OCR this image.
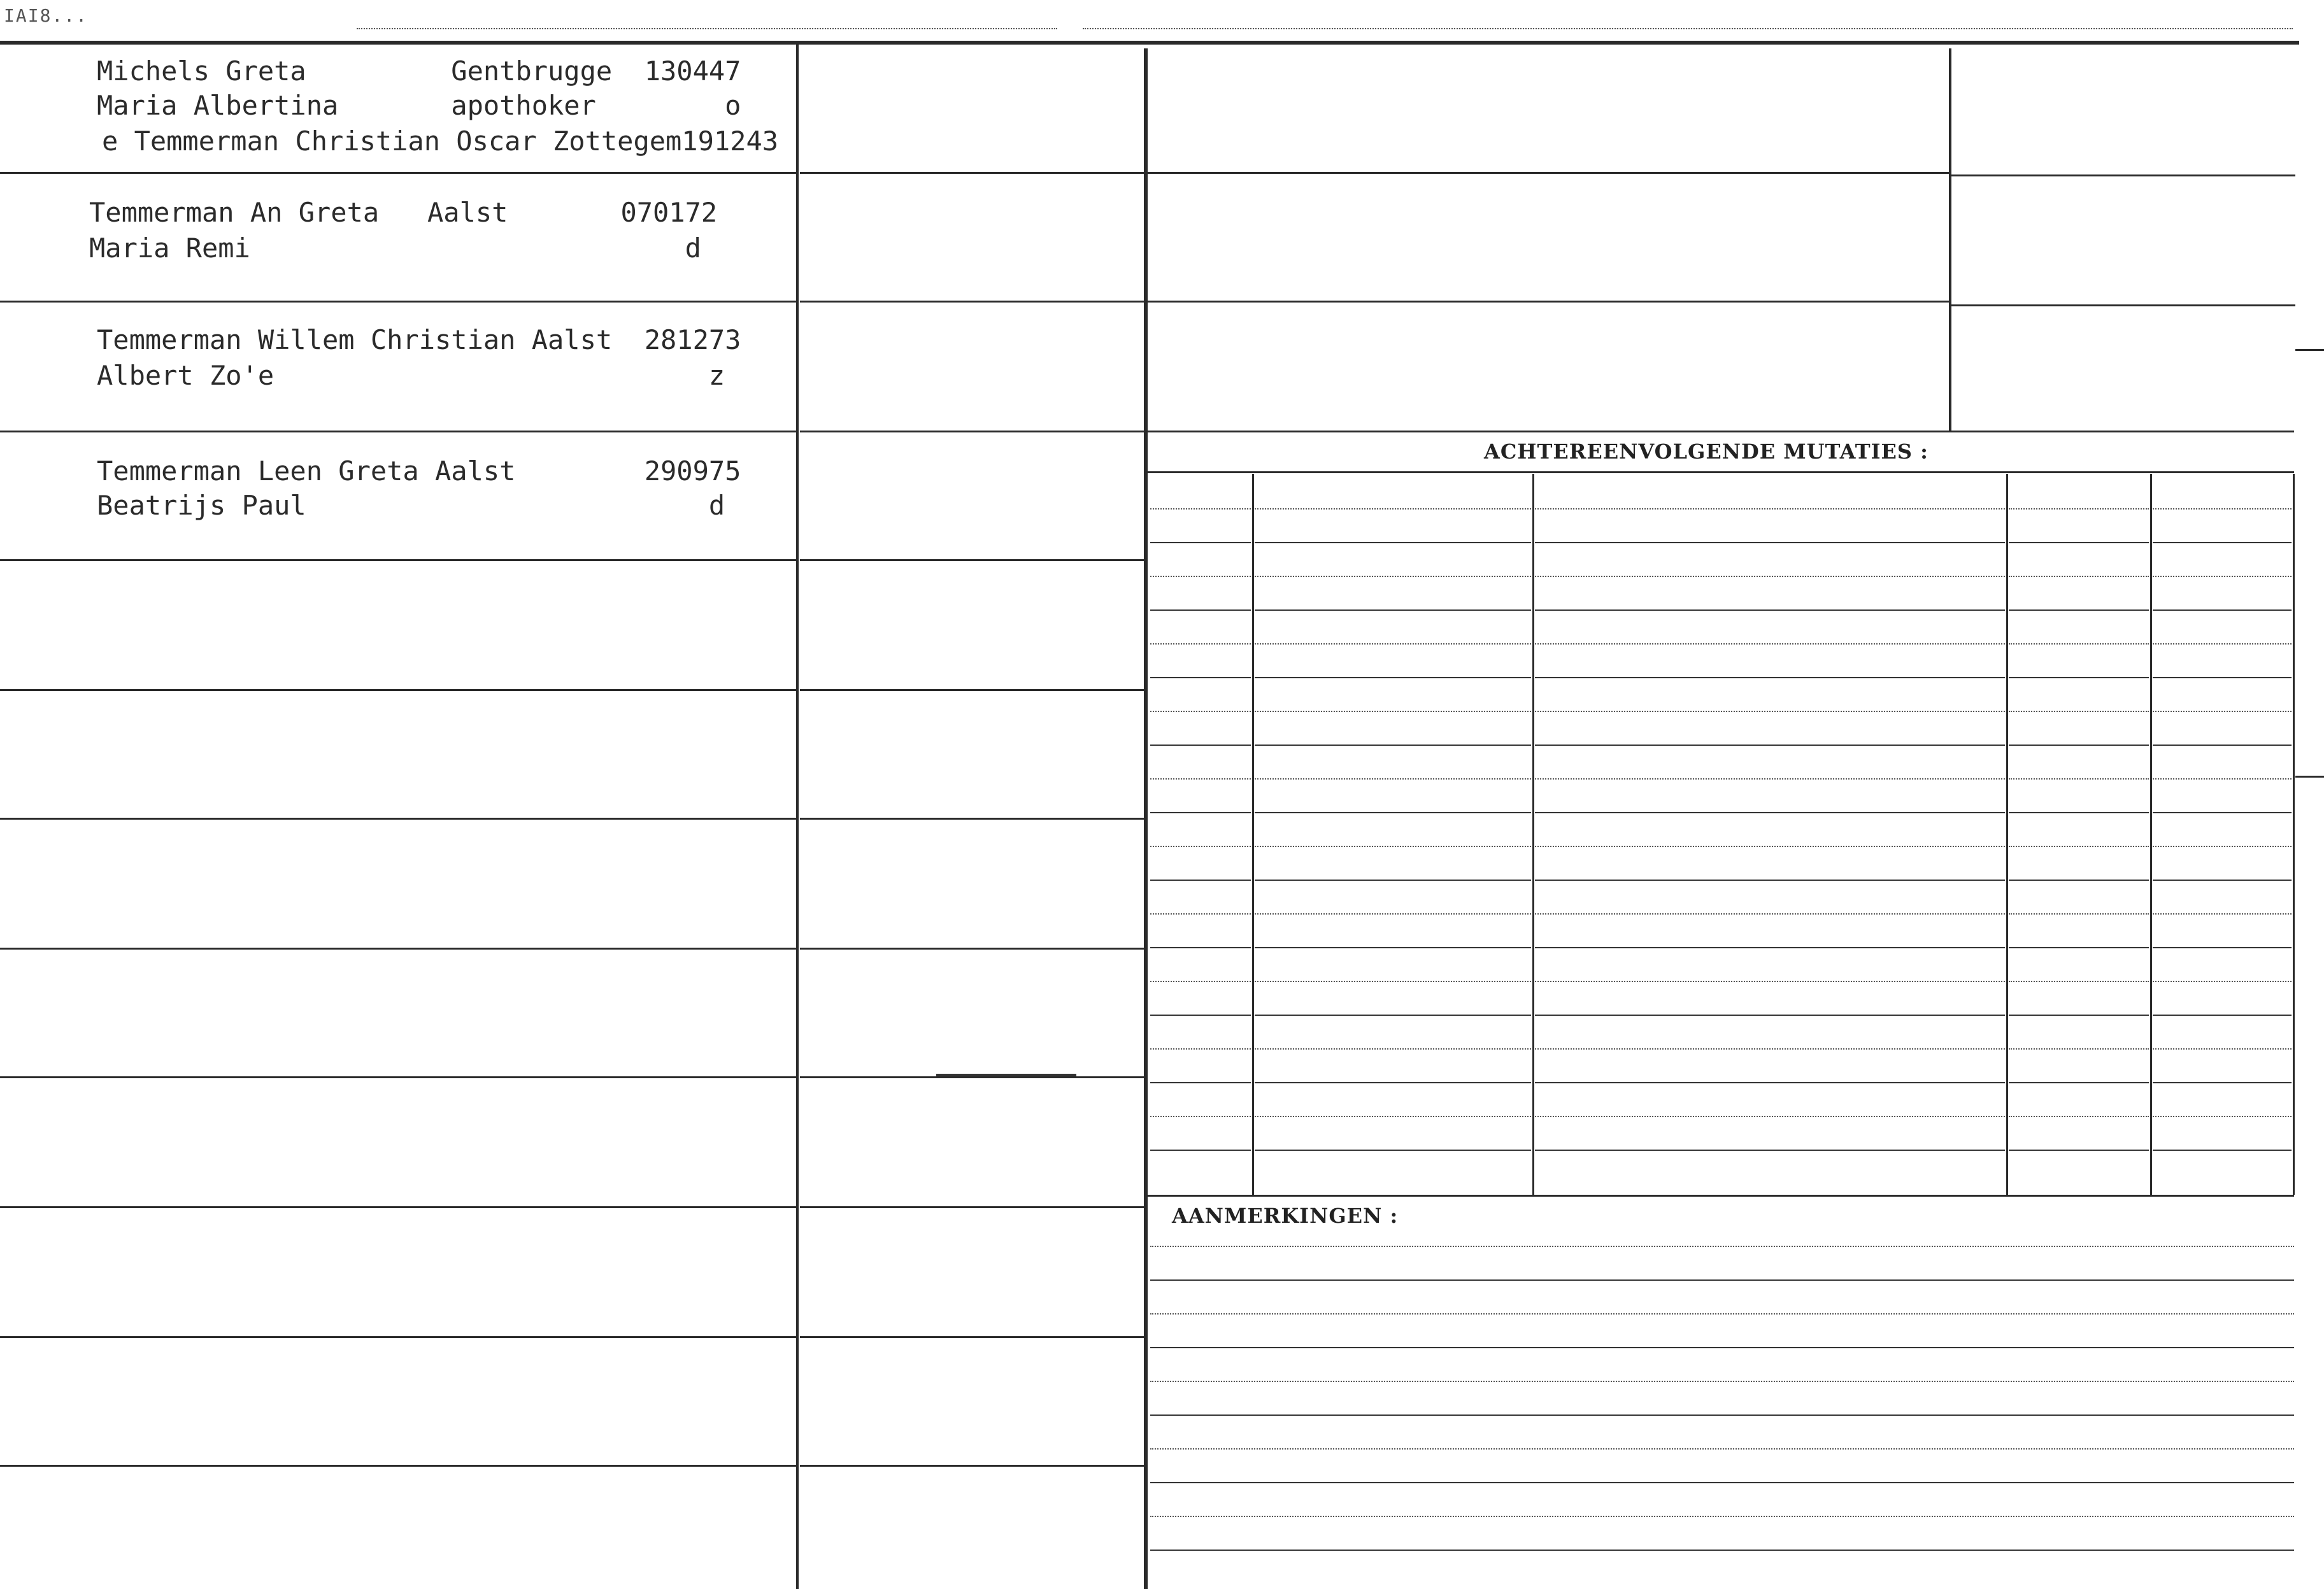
IAI8...
Michels Greta         Gentbrugge  130447
Maria Albertina       apothoker        o
e Temmerman Christian Oscar Zottegem191243
Temmerman An Greta   Aalst       070172
Maria Remi                           d
Temmerman Willem Christian Aalst  281273
Albert Zo'e                           z
Temmerman Leen Greta Aalst        290975
Beatrijs Paul                         d
ACHTEREENVOLGENDE MUTATIES :
AANMERKINGEN :
